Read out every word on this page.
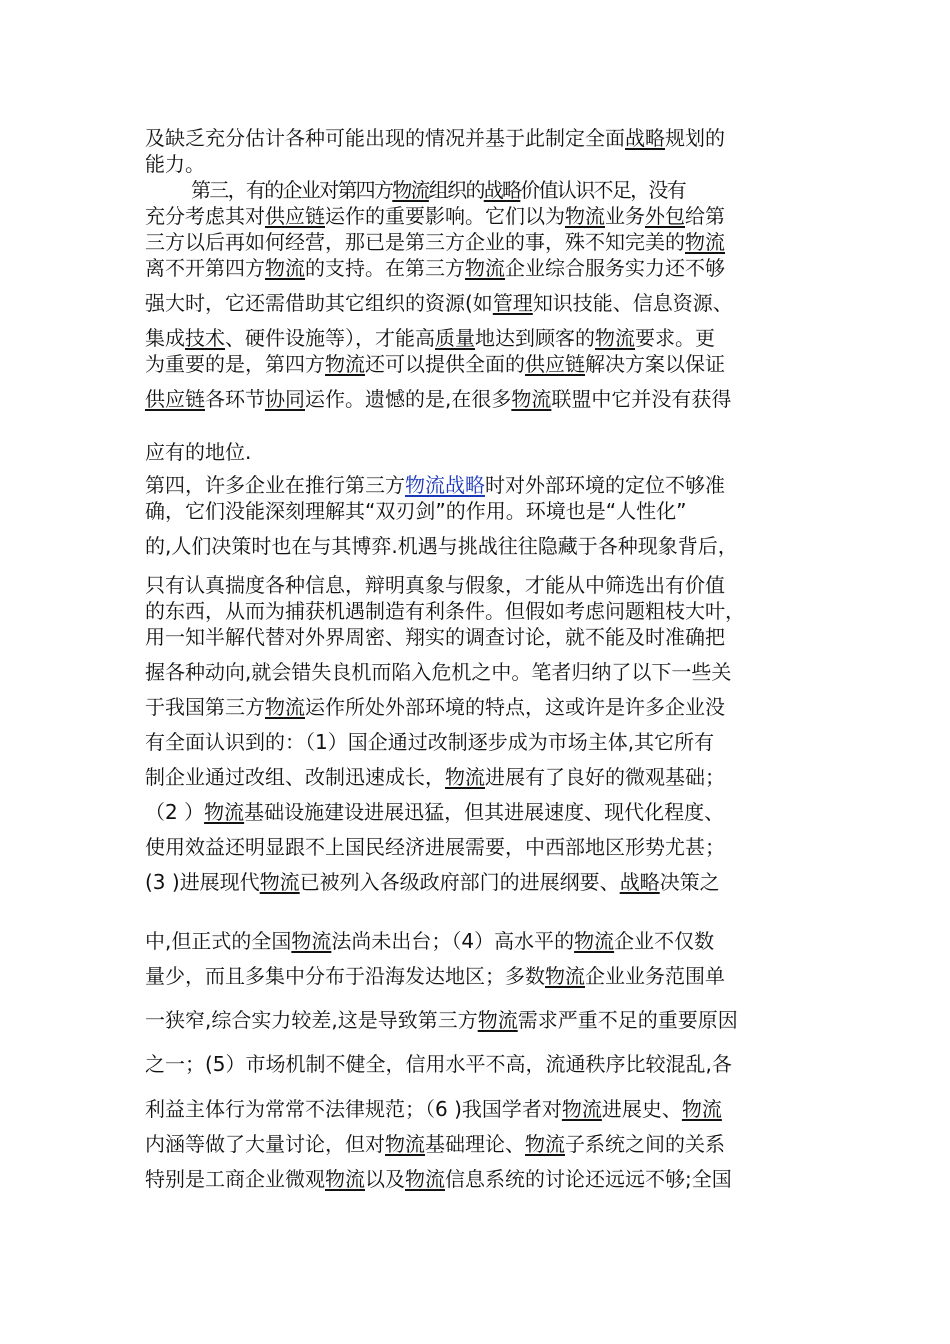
及缺乏充分估计各种可能出现的情况并基于此制定全面战略规划的
能力。
第三，有的企业对第四方物流组织的战略价值认识不足，没有
充分考虑其对供应链运作的重要影响。它们以为物流业务外包给第
三方以后再如何经营，那已是第三方企业的事，殊不知完美的物流
离不开第四方物流的支持。在第三方物流企业综合服务实力还不够
强大时，它还需借助其它组织的资源(如管理知识技能、信息资源、
集成技术、硬件设施等），才能高质量地达到顾客的物流要求。更
为重要的是，第四方物流还可以提供全面的供应链解决方案以保证
供应链各环节协同运作。遗憾的是,在很多物流联盟中它并没有获得
应有的地位.
第四，许多企业在推行第三方物流战略时对外部环境的定位不够准
确，它们没能深刻理解其“双刃剑”的作用。环境也是“人性化”
的,人们决策时也在与其博弈.机遇与挑战往往隐藏于各种现象背后，
只有认真揣度各种信息，辩明真象与假象，才能从中筛选出有价值
的东西，从而为捕获机遇制造有利条件。但假如考虑问题粗枝大叶，
用一知半解代替对外界周密、翔实的调查讨论，就不能及时准确把
握各种动向,就会错失良机而陷入危机之中。笔者归纳了以下一些关
于我国第三方物流运作所处外部环境的特点，这或许是许多企业没
有全面认识到的：（1）国企通过改制逐步成为市场主体,其它所有
制企业通过改组、改制迅速成长，物流进展有了良好的微观基础；
（2 ）物流基础设施建设进展迅猛，但其进展速度、现代化程度、
使用效益还明显跟不上国民经济进展需要，中西部地区形势尤甚；
(3 )进展现代物流已被列入各级政府部门的进展纲要、战略决策之
中,但正式的全国物流法尚未出台；（4）高水平的物流企业不仅数
量少，而且多集中分布于沿海发达地区；多数物流企业业务范围单
一狭窄,综合实力较差,这是导致第三方物流需求严重不足的重要原因
之一；(5）市场机制不健全，信用水平不高，流通秩序比较混乱,各
利益主体行为常常不法律规范；（6 )我国学者对物流进展史、物流
内涵等做了大量讨论，但对物流基础理论、物流子系统之间的关系
特别是工商企业微观物流以及物流信息系统的讨论还远远不够;全国
